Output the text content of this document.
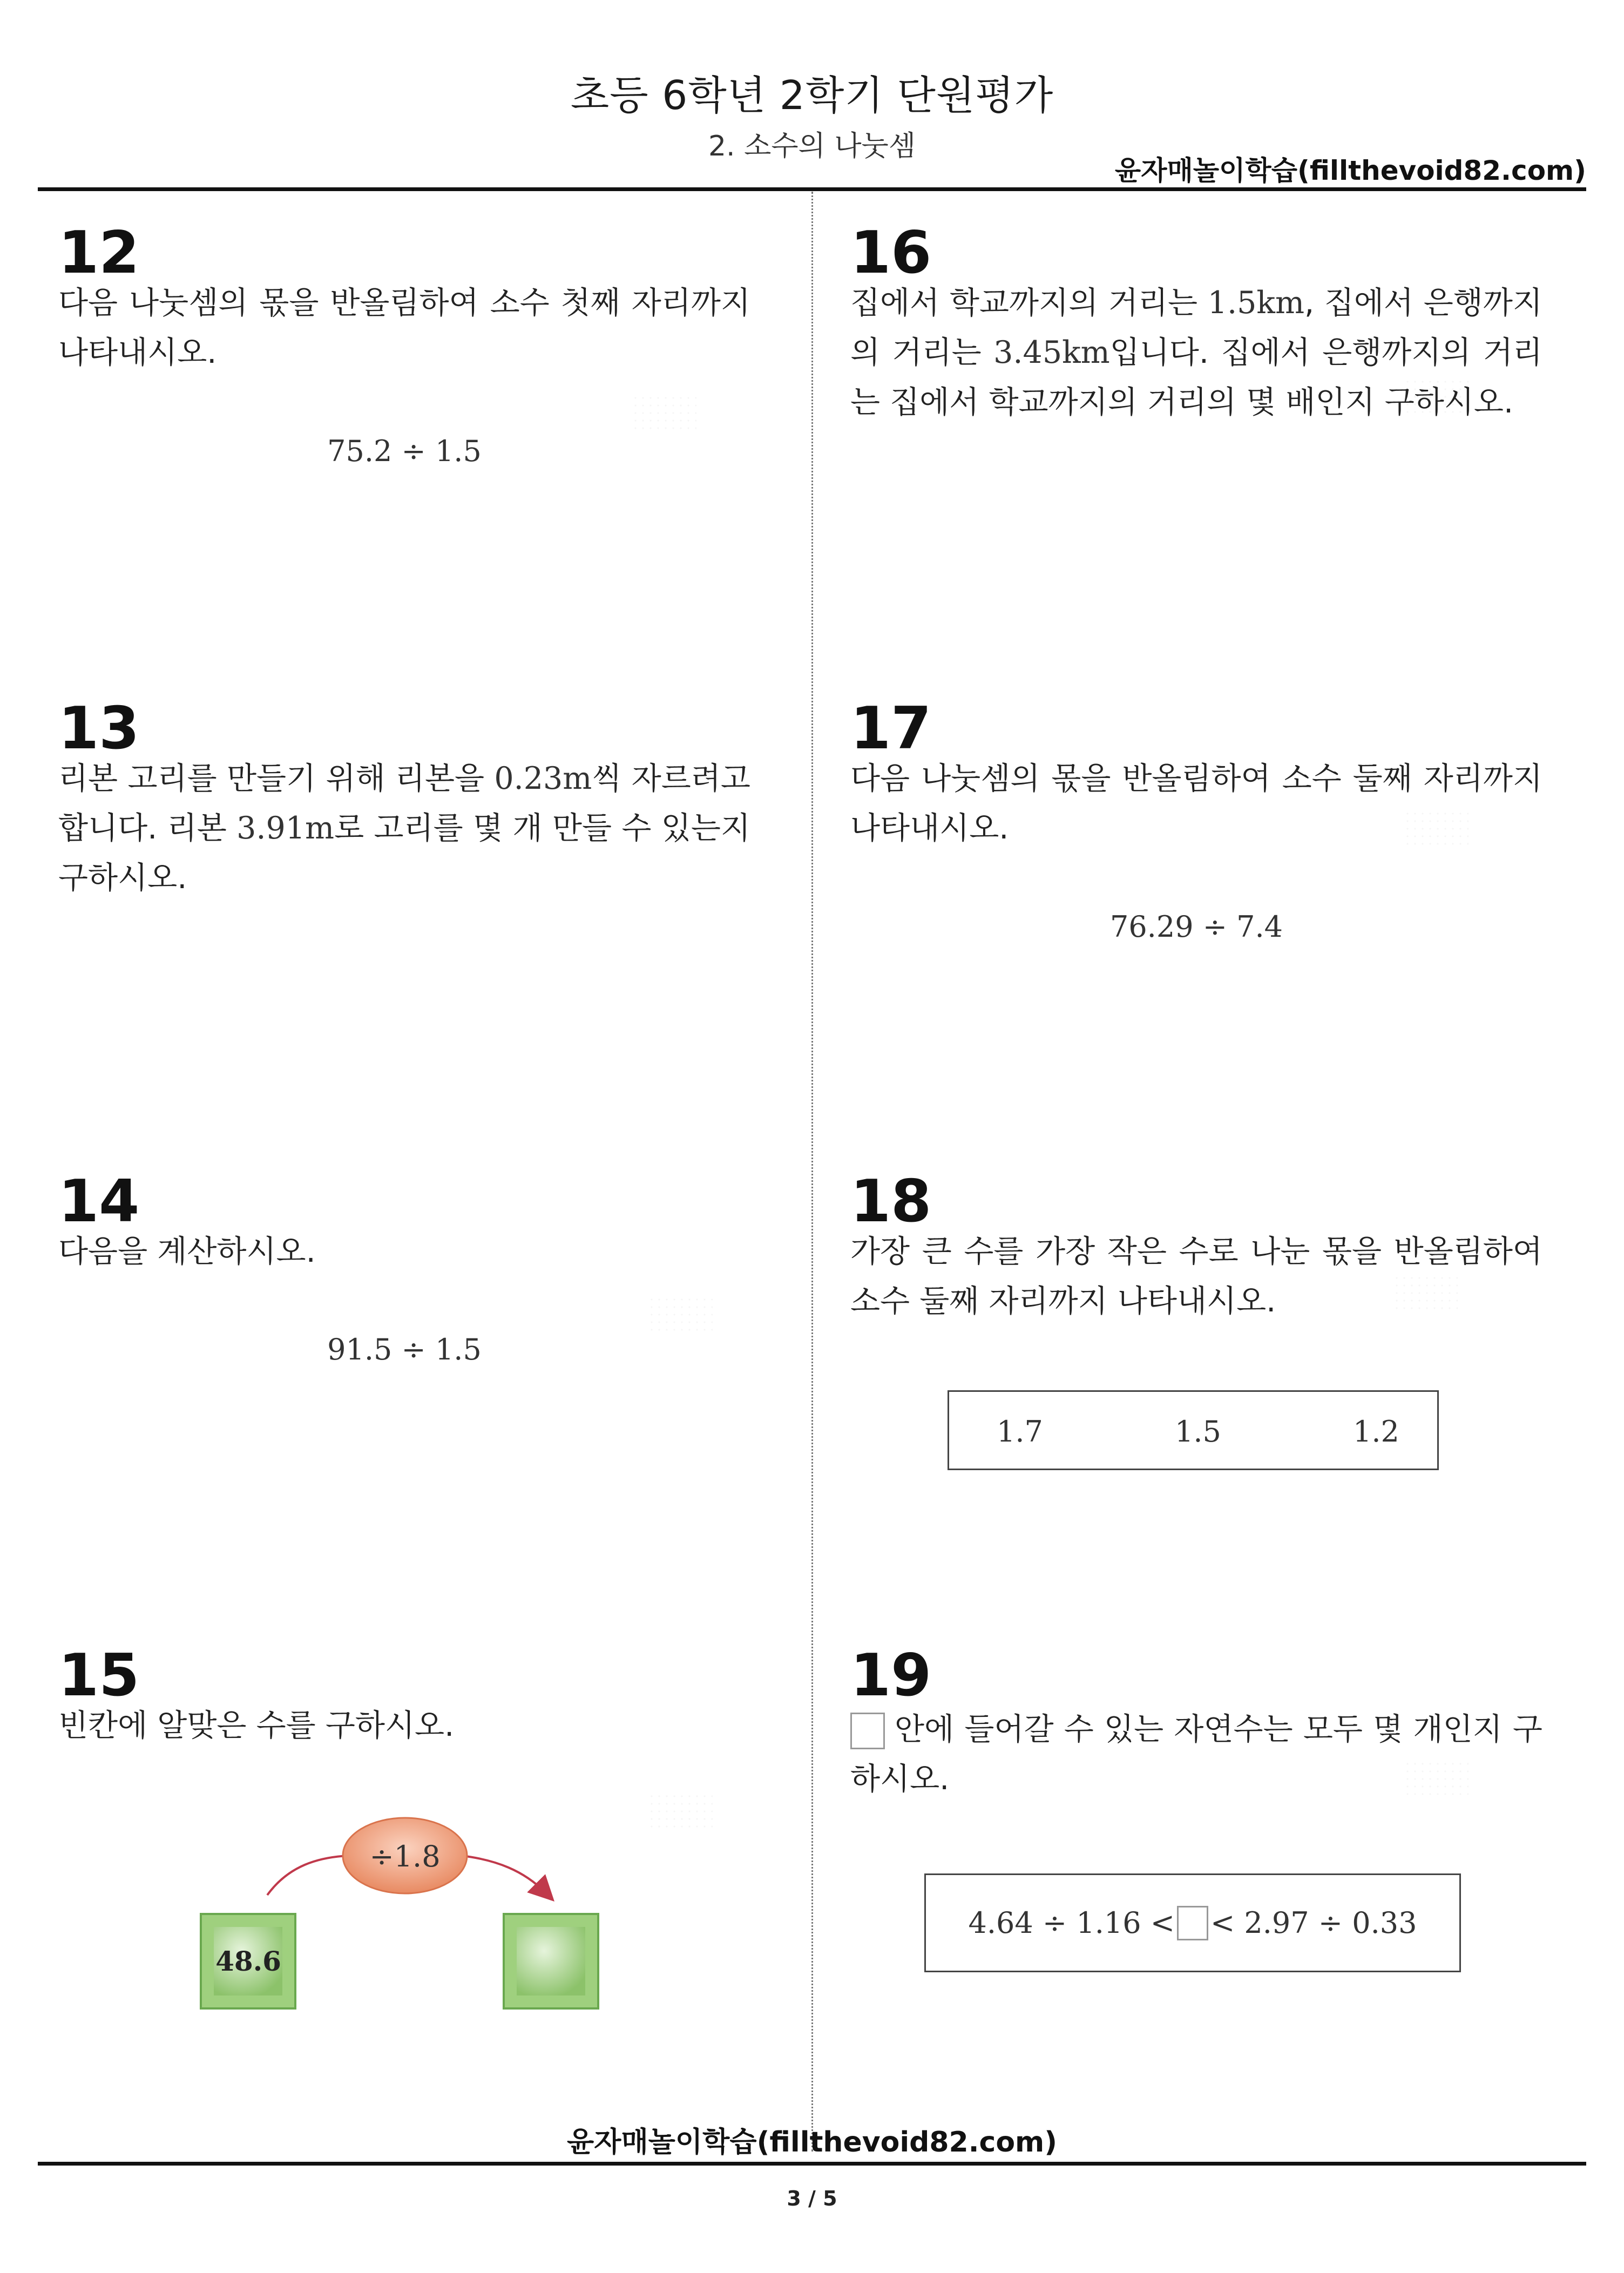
초등 6학년 2학기 단원평가
2. 소수의 나눗셈
윤자매놀이학습(fillthevoid82.com)
12
다음 나눗셈의 몫을 반올림하여 소수 첫째 자리까지 나타내시오.
75.2 ÷ 1.5
13
리본 고리를 만들기 위해 리본을 0.23m씩 자르려고 합니다. 리본 3.91m로 고리를 몇 개 만들 수 있는지 구하시오.
14
다음을 계산하시오.
91.5 ÷ 1.5
15
빈칸에 알맞은 수를 구하시오.
÷1.8
48.6
16
집에서 학교까지의 거리는 1.5km, 집에서 은행까지의 거리는 3.45km입니다. 집에서 은행까지의 거리는 집에서 학교까지의 거리의 몇 배인지 구하시오.
17
다음 나눗셈의 몫을 반올림하여 소수 둘째 자리까지 나타내시오.
76.29 ÷ 7.4
18
가장 큰 수를 가장 작은 수로 나눈 몫을 반올림하여 소수 둘째 자리까지 나타내시오.
1.7	1.5	1.2
19
안에 들어갈 수 있는 자연수는 모두 몇 개인지 구하시오.
4.64 ÷ 1.16 < < 2.97 ÷ 0.33
윤자매놀이학습(fillthevoid82.com)
3 / 5
